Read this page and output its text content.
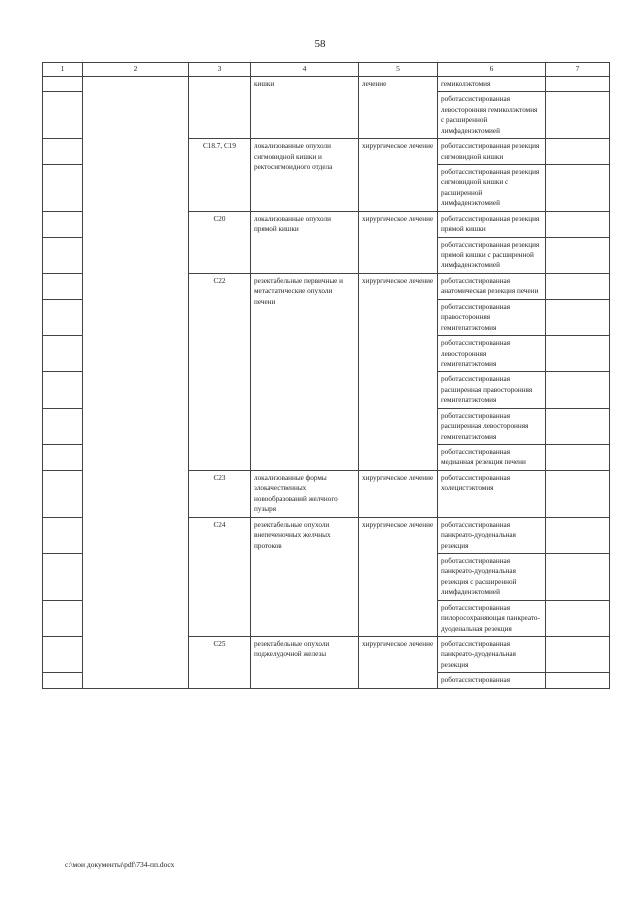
58
1	2	3	4	5	6	7
			кишки	лечение	гемиколэктомия	
					роботассистированная левосторонняя гемиколэктомия с расширенной лимфаденэктомией	
		C18.7, C19	локализованные опухоли сигмовидной кишки и ректосигмоидного отдела	хирургическое лечение	роботассистированная резекция сигмовидной кишки	
					роботассистированная резекция сигмовидной кишки с расширенной лимфаденэктомией	
		C20	локализованные опухоли прямой кишки	хирургическое лечение	роботассистированная резекция прямой кишки	
					роботассистированная резекция прямой кишки с расширенной лимфаденэктомией	
		C22	резектабельные первичные и метастатические опухоли печени	хирургическое лечение	роботассистированная анатомическая резекция печени	
					роботассистированная правосторонняя гемигепатэктомия	
					роботассистированная левосторонняя гемигепатэктомия	
					роботассистированная расширенная правосторонняя гемигепатэктомия	
					роботассистированная расширенная левосторонняя гемигепатэктомия	
					роботассистированная медианная резекция печени	
		C23	локализованные формы злокачественных новообразований желчного пузыря	хирургическое лечение	роботассистированная холецистэктомия	
		C24	резектабельные опухоли внепеченочных желчных протоков	хирургическое лечение	роботассистированная панкреато-дуоденальная резекция	
					роботассистированная панкреато-дуоденальная резекция с расширенной лимфаденэктомией	
					роботассистированная пилоросохраняющая панкреато-дуоденальная резекция	
		C25	резектабельные опухоли поджелудочной железы	хирургическое лечение	роботассистированная панкреато-дуоденальная резекция	
					роботассистированная	
c:\мои документы\pdf\734-пп.docx
